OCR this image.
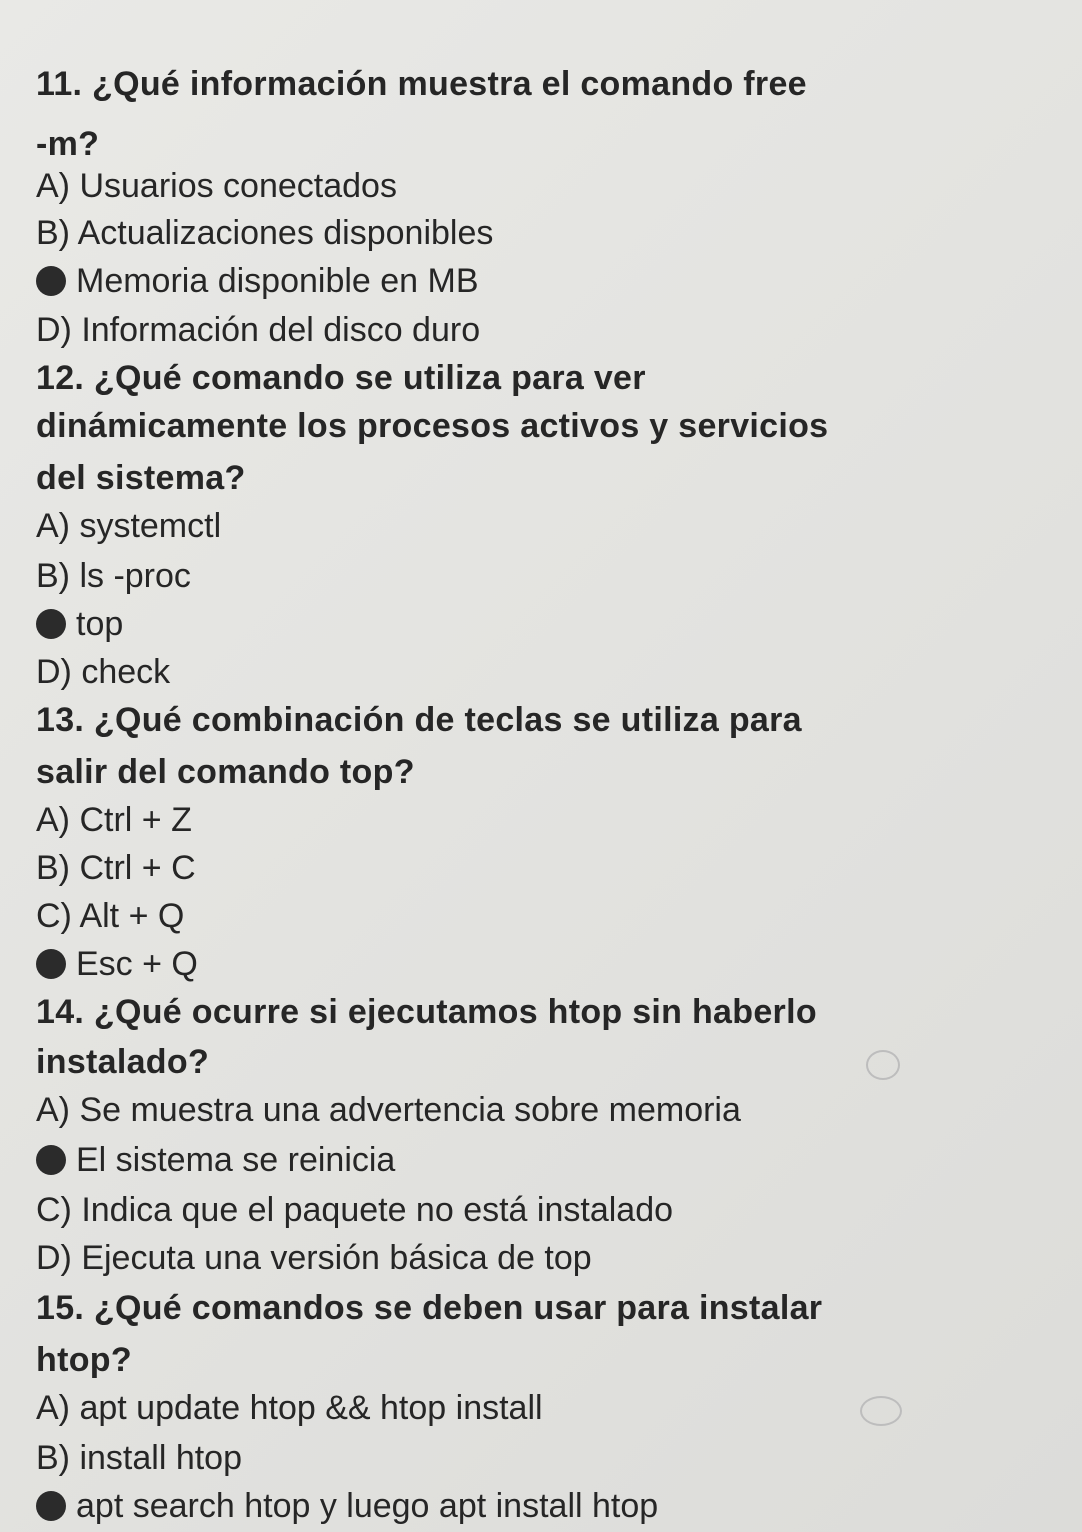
11. ¿Qué información muestra el comando free
-m?
A) Usuarios conectados
B) Actualizaciones disponibles
Memoria disponible en MB
D) Información del disco duro
12. ¿Qué comando se utiliza para ver
dinámicamente los procesos activos y servicios
del sistema?
A) systemctl
B) ls -proc
top
D) check
13. ¿Qué combinación de teclas se utiliza para
salir del comando top?
A) Ctrl + Z
B) Ctrl + C
C) Alt + Q
Esc + Q
14. ¿Qué ocurre si ejecutamos htop sin haberlo
instalado?
A) Se muestra una advertencia sobre memoria
El sistema se reinicia
C) Indica que el paquete no está instalado
D) Ejecuta una versión básica de top
15. ¿Qué comandos se deben usar para instalar
htop?
A) apt update htop && htop install
B) install htop
apt search htop y luego apt install htop
